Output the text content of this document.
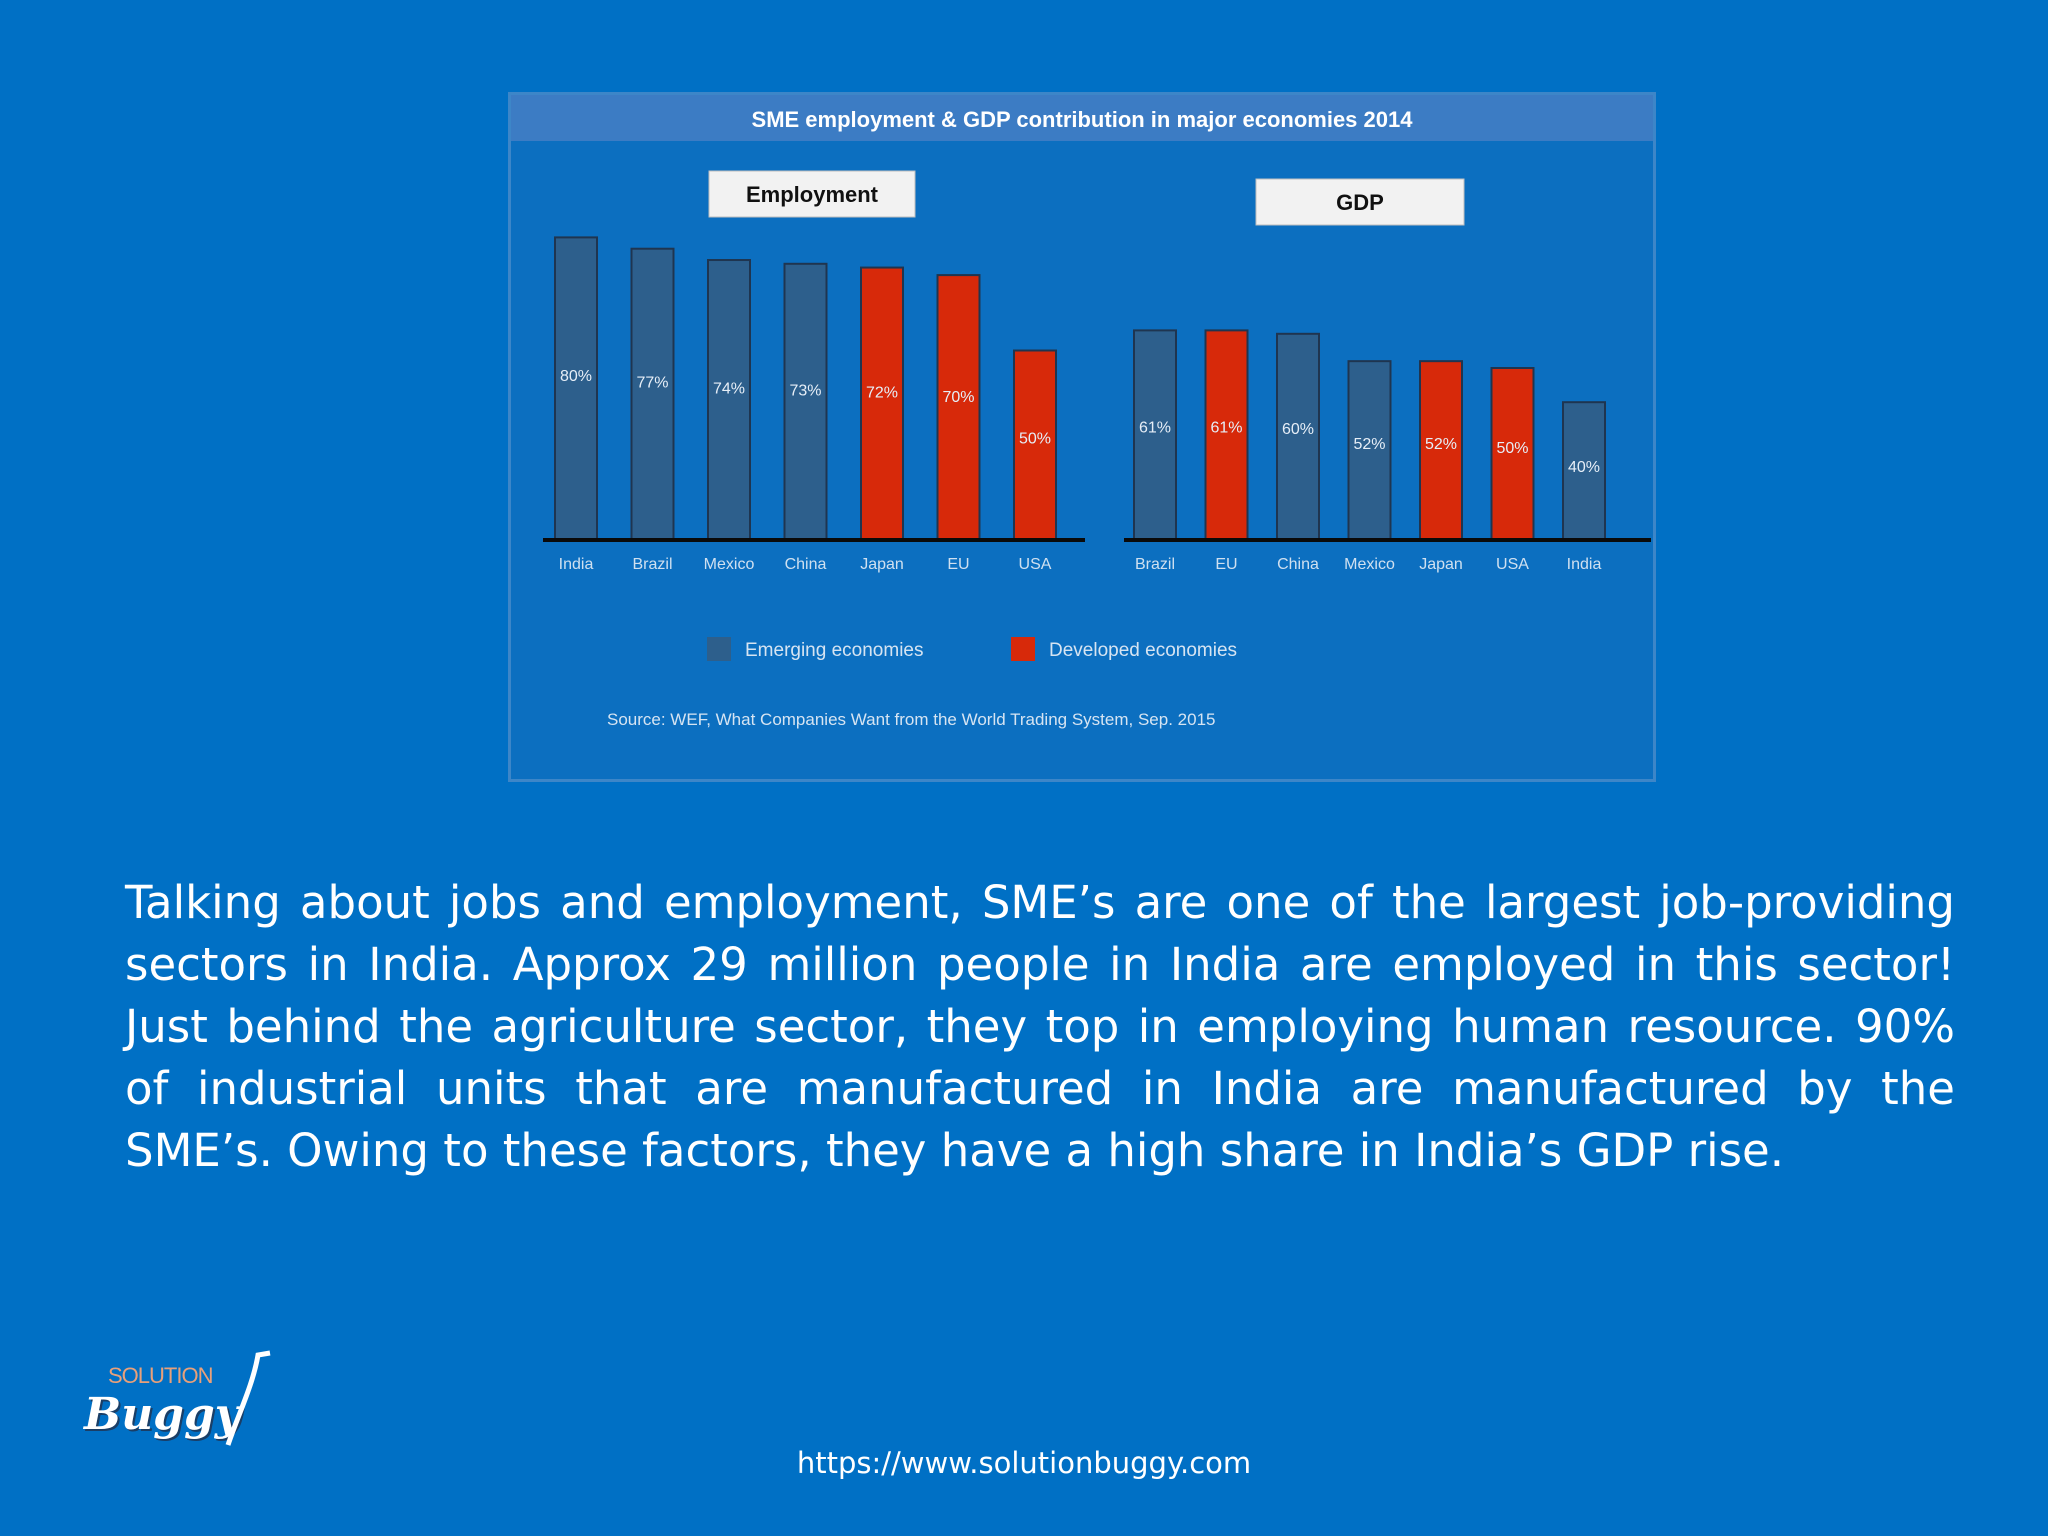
SME employment & GDP contribution in major economies 2014
Employment
80%
India
77%
Brazil
74%
Mexico
73%
China
72%
Japan
70%
EU
50%
USA
GDP
61%
Brazil
61%
EU
60%
China
52%
Mexico
52%
Japan
50%
USA
40%
India
Emerging economies	Developed economies
Source: WEF, What Companies Want from the World Trading System, Sep. 2015

Talking about jobs and employment, SME’s are one of the largest job-providing sectors in India. Approx 29 million people in India are employed in this sector! Just behind the agriculture sector, they top in employing human resource. 90% of industrial units that are manufactured in India are manufactured by the SME’s. Owing to these factors, they have a high share in India’s GDP rise.

https://www.solutionbuggy.com
SOLUTION
Buggy
